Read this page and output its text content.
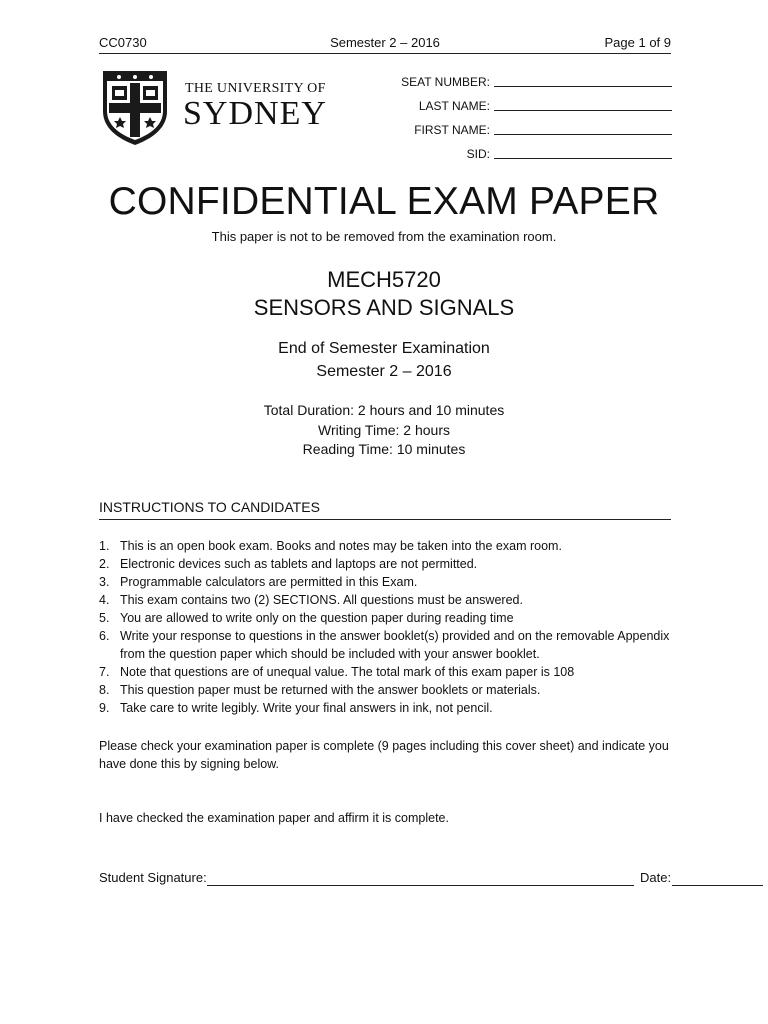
CC0730	Semester 2 – 2016	Page 1 of 9
THE UNIVERSITY OF
SYDNEY
SEAT NUMBER:
LAST NAME:
FIRST NAME:
SID:
CONFIDENTIAL EXAM PAPER
This paper is not to be removed from the examination room.
MECH5720
SENSORS AND SIGNALS
End of Semester Examination
Semester 2 – 2016
Total Duration: 2 hours and 10 minutes
Writing Time: 2 hours
Reading Time: 10 minutes
INSTRUCTIONS TO CANDIDATES
1. This is an open book exam. Books and notes may be taken into the exam room.
2. Electronic devices such as tablets and laptops are not permitted.
3. Programmable calculators are permitted in this Exam.
4. This exam contains two (2) SECTIONS. All questions must be answered.
5. You are allowed to write only on the question paper during reading time
6. Write your response to questions in the answer booklet(s) provided and on the removable Appendix from the question paper which should be included with your answer booklet.
7. Note that questions are of unequal value. The total mark of this exam paper is 108
8. This question paper must be returned with the answer booklets or materials.
9. Take care to write legibly. Write your final answers in ink, not pencil.
Please check your examination paper is complete (9 pages including this cover sheet) and indicate you have done this by signing below.
I have checked the examination paper and affirm it is complete.
Student Signature:	Date:
